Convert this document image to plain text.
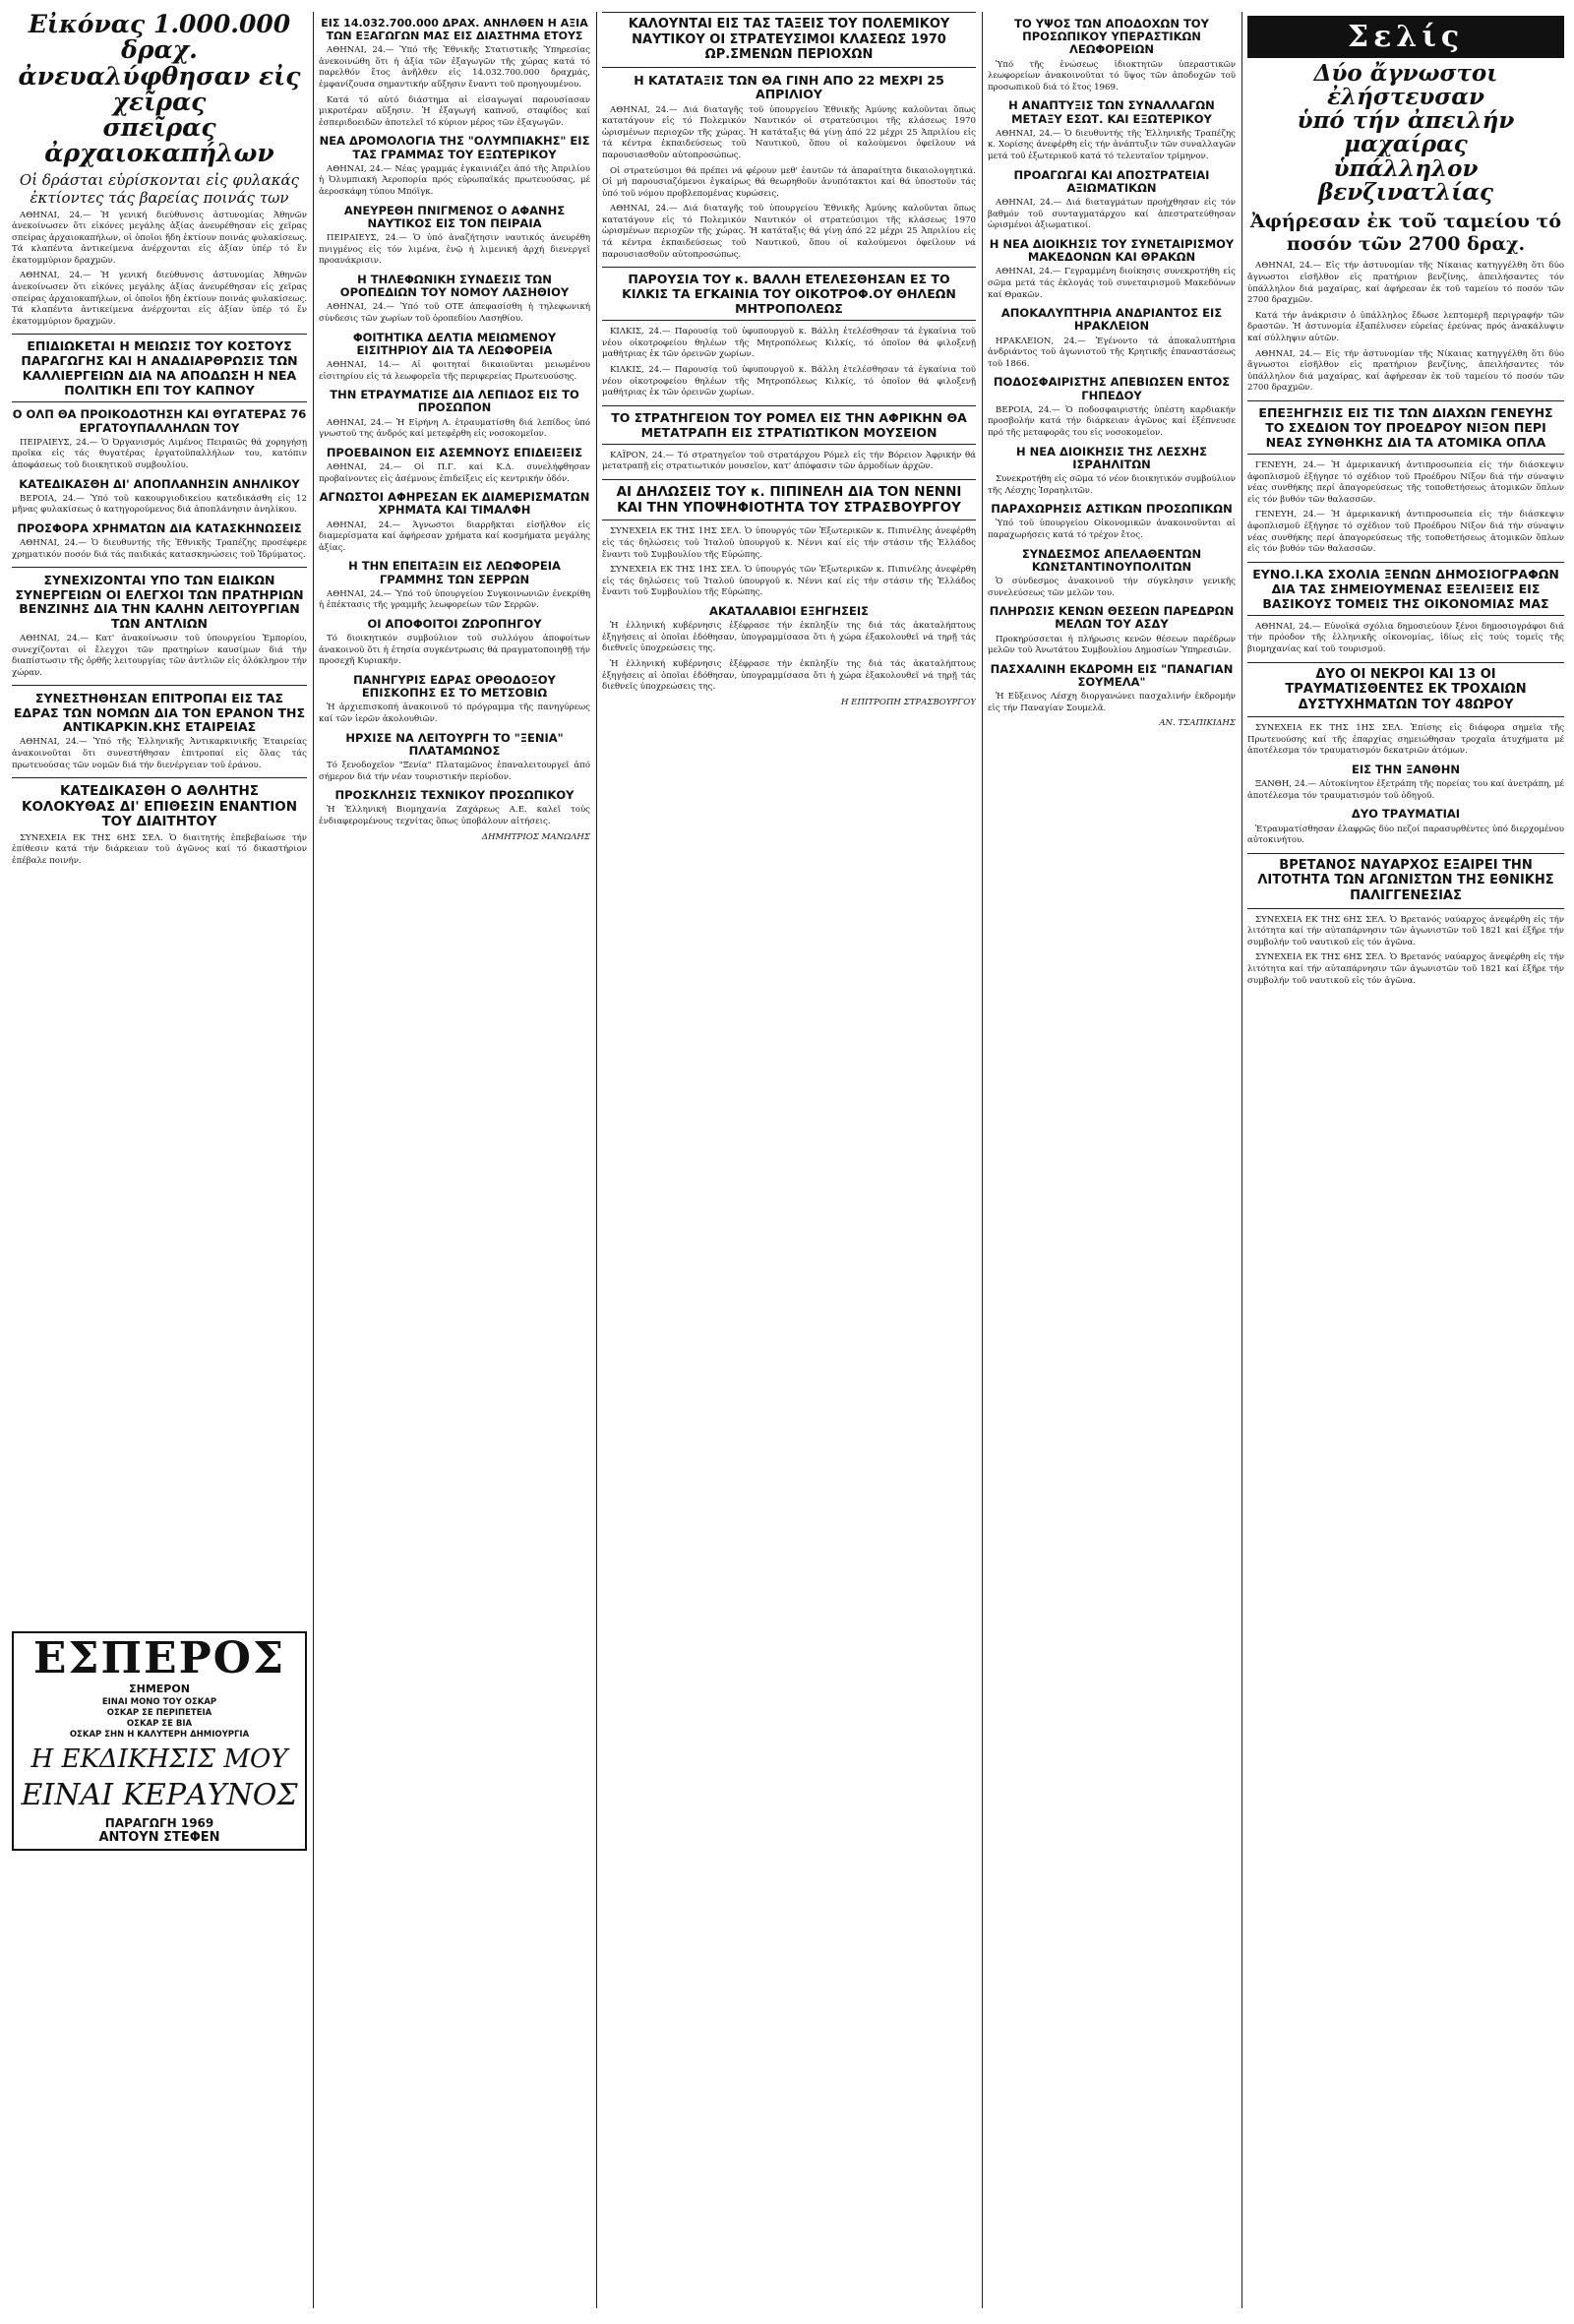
Εἰκόνας 1.000.000 δραχ.
ἀνευαλύφθησαν εἰς χεῖρας
σπεῖρας ἀρχαιοκαπήλων
Οἱ δράσται εὑρίσκονται εἰς φυλακάς ἐκτίοντες τάς βαρείας ποινάς των

ΑΘΗΝΑΙ, 24.— Ἡ γενική διεύθυνσις ἀστυνομίας Ἀθηνῶν ἀνεκοίνωσεν ὅτι εἰκόνες μεγάλης ἀξίας ἀνευρέθησαν εἰς χεῖρας σπείρας ἀρχαιοκαπήλων, οἱ ὁποῖοι ἤδη ἐκτίουν ποινάς φυλακίσεως. Τά κλαπέντα ἀντικείμενα ἀνέρχονται εἰς ἀξίαν ὑπέρ τό ἕν ἑκατομμύριον δραχμῶν.

ΑΘΗΝΑΙ, 24.— Ἡ γενική διεύθυνσις ἀστυνομίας Ἀθηνῶν ἀνεκοίνωσεν ὅτι εἰκόνες μεγάλης ἀξίας ἀνευρέθησαν εἰς χεῖρας σπείρας ἀρχαιοκαπήλων, οἱ ὁποῖοι ἤδη ἐκτίουν ποινάς φυλακίσεως. Τά κλαπέντα ἀντικείμενα ἀνέρχονται εἰς ἀξίαν ὑπέρ τό ἕν ἑκατομμύριον δραχμῶν.

ΕΠΙΔΙΩΚΕΤΑΙ Η ΜΕΙΩΣΙΣ ΤΟΥ ΚΟΣΤΟΥΣ ΠΑΡΑΓΩΓΗΣ ΚΑΙ Η ΑΝΑΔΙΑΡΘΡΩΣΙΣ ΤΩΝ ΚΑΛΛΙΕΡΓΕΙΩΝ ΔΙΑ ΝΑ ΑΠΟΔΩΣΗ Η ΝΕΑ ΠΟΛΙΤΙΚΗ ΕΠΙ ΤΟΥ ΚΑΠΝΟΥ
Ο ΟΛΠ ΘΑ ΠΡΟΙΚΟΔΟΤΗΣΗ ΚΑΙ ΘΥΓΑΤΕΡΑΣ 76 ΕΡΓΑΤΟΥΠΑΛΛΗΛΩΝ ΤΟΥ

ΠΕΙΡΑΙΕΥΣ, 24.— Ὁ Ὀργανισμός Λιμένος Πειραιῶς θά χορηγήσῃ προῖκα εἰς τάς θυγατέρας ἐργατοϋπαλλήλων του, κατόπιν ἀποφάσεως τοῦ διοικητικοῦ συμβουλίου.

ΚΑΤΕΔΙΚΑΣΘΗ ΔΙ' ΑΠΟΠΛΑΝΗΣΙΝ ΑΝΗΛΙΚΟΥ

ΒΕΡΟΙΑ, 24.— Ὑπό τοῦ κακουργιοδικείου κατεδικάσθη εἰς 12 μῆνας φυλακίσεως ὁ κατηγορούμενος διά ἀποπλάνησιν ἀνηλίκου.

ΠΡΟΣΦΟΡΑ ΧΡΗΜΑΤΩΝ ΔΙΑ ΚΑΤΑΣΚΗΝΩΣΕΙΣ

ΑΘΗΝΑΙ, 24.— Ὁ διευθυντής τῆς Ἐθνικῆς Τραπέζης προσέφερε χρηματικόν ποσόν διά τάς παιδικάς κατασκηνώσεις τοῦ Ἱδρύματος.

ΣΥΝΕΧΙΖΟΝΤΑΙ ΥΠΟ ΤΩΝ ΕΙΔΙΚΩΝ ΣΥΝΕΡΓΕΙΩΝ ΟΙ ΕΛΕΓΧΟΙ ΤΩΝ ΠΡΑΤΗΡΙΩΝ ΒΕΝΖΙΝΗΣ ΔΙΑ ΤΗΝ ΚΑΛΗΝ ΛΕΙΤΟΥΡΓΙΑΝ ΤΩΝ ΑΝΤΛΙΩΝ

ΑΘΗΝΑΙ, 24.— Κατ' ἀνακοίνωσιν τοῦ ὑπουργείου Ἐμπορίου, συνεχίζονται οἱ ἔλεγχοι τῶν πρατηρίων καυσίμων διά τήν διαπίστωσιν τῆς ὀρθῆς λειτουργίας τῶν ἀντλιῶν εἰς ὁλόκληρον τήν χώραν.

ΣΥΝΕΣΤΗΘΗΣΑΝ ΕΠΙΤΡΟΠΑΙ ΕΙΣ ΤΑΣ ΕΔΡΑΣ ΤΩΝ ΝΟΜΩΝ ΔΙΑ ΤΟΝ ΕΡΑΝΟΝ ΤΗΣ ΑΝΤΙΚΑΡΚΙΝ.ΚΗΣ ΕΤΑΙΡΕΙΑΣ

ΑΘΗΝΑΙ, 24.— Ὑπό τῆς Ἑλληνικῆς Ἀντικαρκινικῆς Ἑταιρείας ἀνακοινοῦται ὅτι συνεστήθησαν ἐπιτροπαί εἰς ὅλας τάς πρωτευούσας τῶν νομῶν διά τήν διενέργειαν τοῦ ἐράνου.

ΚΑΤΕΔΙΚΑΣΘΗ Ο ΑΘΛΗΤΗΣ ΚΟΛΟΚΥΘΑΣ ΔΙ' ΕΠΙΘΕΣΙΝ ΕΝΑΝΤΙΟΝ ΤΟΥ ΔΙΑΙΤΗΤΟΥ

ΣΥΝΕΧΕΙΑ ΕΚ ΤΗΣ 6ΗΣ ΣΕΛ. Ὁ διαιτητής ἐπεβεβαίωσε τήν ἐπίθεσιν κατά τήν διάρκειαν τοῦ ἀγῶνος καί τό δικαστήριον ἐπέβαλε ποινήν.

ΕΣΠΕΡΟΣ
ΣΗΜΕΡΟΝ
ΕΙΝΑΙ ΜΟΝΟ ΤΟΥ ΟΣΚΑΡ
ΟΣΚΑΡ ΣΕ ΠΕΡΙΠΕΤΕΙΑ
ΟΣΚΑΡ ΣΕ ΒΙΑ
ΟΣΚΑΡ ΣΗΝ Η ΚΑΛΥΤΕΡΗ ΔΗΜΙΟΥΡΓΙΑ
Η ΕΚΔΙΚΗΣΙΣ ΜΟΥ
ΕΙΝΑΙ ΚΕΡΑΥΝΟΣ
ΠΑΡΑΓΩΓΗ 1969
ΑΝΤΟΥΝ ΣΤΕΦΕΝ
ΕΙΣ 14.032.700.000 ΔΡΑΧ. ΑΝΗΛΘΕΝ Η ΑΞΙΑ ΤΩΝ ΕΞΑΓΩΓΩΝ ΜΑΣ ΕΙΣ ΔΙΑΣΤΗΜΑ ΕΤΟΥΣ

ΑΘΗΝΑΙ, 24.— Ὑπό τῆς Ἐθνικῆς Στατιστικῆς Ὑπηρεσίας ἀνεκοινώθη ὅτι ἡ ἀξία τῶν ἐξαγωγῶν τῆς χώρας κατά τό παρελθόν ἔτος ἀνῆλθεν εἰς 14.032.700.000 δραχμάς, ἐμφανίζουσα σημαντικήν αὔξησιν ἔναντι τοῦ προηγουμένου.

Κατά τό αὐτό διάστημα αἱ εἰσαγωγαί παρουσίασαν μικροτέραν αὔξησιν. Ἡ ἐξαγωγή καπνοῦ, σταφίδος καί ἐσπεριδοειδῶν ἀποτελεῖ τό κύριον μέρος τῶν ἐξαγωγῶν.

ΝΕΑ ΔΡΟΜΟΛΟΓΙΑ ΤΗΣ "ΟΛΥΜΠΙΑΚΗΣ" ΕΙΣ ΤΑΣ ΓΡΑΜΜΑΣ ΤΟΥ ΕΞΩΤΕΡΙΚΟΥ

ΑΘΗΝΑΙ, 24.— Νέας γραμμάς ἐγκαινιάζει ἀπό τῆς Ἀπριλίου ἡ Ὀλυμπιακή Ἀεροπορία πρός εὐρωπαϊκάς πρωτευούσας, μέ ἀεροσκάφη τύπου Μπόϊγκ.

ΑΝΕΥΡΕΘΗ ΠΝΙΓΜΕΝΟΣ Ο ΑΦΑΝΗΣ ΝΑΥΤΙΚΟΣ ΕΙΣ ΤΟΝ ΠΕΙΡΑΙΑ

ΠΕΙΡΑΙΕΥΣ, 24.— Ὁ ὑπό ἀναζήτησιν ναυτικός ἀνευρέθη πνιγμένος εἰς τόν λιμένα, ἐνῷ ἡ λιμενική ἀρχή διενεργεῖ προανάκρισιν.

Η ΤΗΛΕΦΩΝΙΚΗ ΣΥΝΔΕΣΙΣ ΤΩΝ ΟΡΟΠΕΔΙΩΝ ΤΟΥ ΝΟΜΟΥ ΛΑΣΗΘΙΟΥ

ΑΘΗΝΑΙ, 24.— Ὑπό τοῦ ΟΤΕ ἀπεφασίσθη ἡ τηλεφωνική σύνδεσις τῶν χωρίων τοῦ ὀροπεδίου Λασηθίου.

ΦΟΙΤΗΤΙΚΑ ΔΕΛΤΙΑ ΜΕΙΩΜΕΝΟΥ ΕΙΣΙΤΗΡΙΟΥ ΔΙΑ ΤΑ ΛΕΩΦΟΡΕΙΑ

ΑΘΗΝΑΙ, 14.— Αἱ φοιτηταί δικαιοῦνται μειωμένου εἰσιτηρίου εἰς τά λεωφορεῖα τῆς περιφερείας Πρωτευούσης.

ΤΗΝ ΕΤΡΑΥΜΑΤΙΣΕ ΔΙΑ ΛΕΠΙΔΟΣ ΕΙΣ ΤΟ ΠΡΟΣΩΠΟΝ

ΑΘΗΝΑΙ, 24.— Ἡ Εἰρήνη Λ. ἐτραυματίσθη διά λεπίδος ὑπό γνωστοῦ της ἀνδρός καί μετεφέρθη εἰς νοσοκομεῖον.

ΠΡΟΕΒΑΙΝΟΝ ΕΙΣ ΑΣΕΜΝΟΥΣ ΕΠΙΔΕΙΞΕΙΣ

ΑΘΗΝΑΙ, 24.— Οἱ Π.Γ. καί Κ.Δ. συνελήφθησαν προβαίνοντες εἰς ἀσέμνους ἐπιδείξεις εἰς κεντρικήν ὁδόν.

ΑΓΝΩΣΤΟΙ ΑΦΗΡΕΣΑΝ ΕΚ ΔΙΑΜΕΡΙΣΜΑΤΩΝ ΧΡΗΜΑΤΑ ΚΑΙ ΤΙΜΑΛΦΗ

ΑΘΗΝΑΙ, 24.— Ἀγνωστοι διαρρῆκται εἰσῆλθον εἰς διαμερίσματα καί ἀφήρεσαν χρήματα καί κοσμήματα μεγάλης ἀξίας.

Η ΤΗΝ ΕΠΕΙΤΑΞΙΝ ΕΙΣ ΛΕΩΦΟΡΕΙΑ ΓΡΑΜΜΗΣ ΤΩΝ ΣΕΡΡΩΝ

ΑΘΗΝΑΙ, 24.— Ὑπό τοῦ ὑπουργείου Συγκοινωνιῶν ἐνεκρίθη ἡ ἐπέκτασις τῆς γραμμῆς λεωφορείων τῶν Σερρῶν.

ΟΙ ΑΠΟΦΟΙΤΟΙ ΖΩΡΟΠΗΓΟΥ

Τό διοικητικόν συμβούλιον τοῦ συλλόγου ἀποφοίτων ἀνακοινοῦ ὅτι ἡ ἐτησία συγκέντρωσις θά πραγματοποιηθῇ τήν προσεχῆ Κυριακήν.

ΠΑΝΗΓΥΡΙΣ ΕΔΡΑΣ ΟΡΘΟΔΟΞΟΥ ΕΠΙΣΚΟΠΗΣ ΕΣ ΤΟ ΜΕΤΣΟΒΙΩ

Ἡ ἀρχιεπισκοπή ἀνακοινοῦ τό πρόγραμμα τῆς πανηγύρεως καί τῶν ἱερῶν ἀκολουθιῶν.

ΗΡΧΙΣΕ ΝΑ ΛΕΙΤΟΥΡΓΗ ΤΟ "ΞΕΝΙΑ" ΠΛΑΤΑΜΩΝΟΣ

Τό ξενοδοχεῖον "Ξενία" Πλαταμῶνος ἐπαναλειτουργεῖ ἀπό σήμερον διά τήν νέαν τουριστικήν περίοδον.

ΠΡΟΣΚΛΗΣΙΣ ΤΕΧΝΙΚΟΥ ΠΡΟΣΩΠΙΚΟΥ

Ἡ Ἑλληνική Βιομηχανία Ζαχάρεως Α.Ε. καλεῖ τούς ἐνδιαφερομένους τεχνίτας ὅπως ὑποβάλουν αἰτήσεις.

ΔΗΜΗΤΡΙΟΣ ΜΑΝΩΛΗΣ
ΚΑΛΟΥΝΤΑΙ ΕΙΣ ΤΑΣ ΤΑΞΕΙΣ ΤΟΥ ΠΟΛΕΜΙΚΟΥ ΝΑΥΤΙΚΟΥ ΟΙ ΣΤΡΑΤΕΥΣΙΜΟΙ ΚΛΑΣΕΩΣ 1970 ΩΡ.ΣΜΕΝΩΝ ΠΕΡΙΟΧΩΝ
Η ΚΑΤΑΤΑΞΙΣ ΤΩΝ ΘΑ ΓΙΝΗ ΑΠΟ 22 ΜΕΧΡΙ 25 ΑΠΡΙΛΙΟΥ

ΑΘΗΝΑΙ, 24.— Διά διαταγῆς τοῦ ὑπουργείου Ἐθνικῆς Ἀμύνης καλοῦνται ὅπως κατατάγουν εἰς τό Πολεμικόν Ναυτικόν οἱ στρατεύσιμοι τῆς κλάσεως 1970 ὡρισμένων περιοχῶν τῆς χώρας. Ἡ κατάταξις θά γίνῃ ἀπό 22 μέχρι 25 Ἀπριλίου εἰς τά κέντρα ἐκπαιδεύσεως τοῦ Ναυτικοῦ, ὅπου οἱ καλούμενοι ὀφείλουν νά παρουσιασθοῦν αὐτοπροσώπως.

Οἱ στρατεύσιμοι θά πρέπει νά φέρουν μεθ' ἑαυτῶν τά ἀπαραίτητα δικαιολογητικά. Οἱ μή παρουσιαζόμενοι ἐγκαίρως θά θεωρηθοῦν ἀνυπότακτοι καί θά ὑποστοῦν τάς ὑπό τοῦ νόμου προβλεπομένας κυρώσεις.

ΑΘΗΝΑΙ, 24.— Διά διαταγῆς τοῦ ὑπουργείου Ἐθνικῆς Ἀμύνης καλοῦνται ὅπως κατατάγουν εἰς τό Πολεμικόν Ναυτικόν οἱ στρατεύσιμοι τῆς κλάσεως 1970 ὡρισμένων περιοχῶν τῆς χώρας. Ἡ κατάταξις θά γίνῃ ἀπό 22 μέχρι 25 Ἀπριλίου εἰς τά κέντρα ἐκπαιδεύσεως τοῦ Ναυτικοῦ, ὅπου οἱ καλούμενοι ὀφείλουν νά παρουσιασθοῦν αὐτοπροσώπως.

ΠΑΡΟΥΣΙΑ ΤΟΥ κ. ΒΑΛΛΗ ΕΤΕΛΕΣΘΗΣΑΝ ΕΣ ΤΟ ΚΙΛΚΙΣ ΤΑ ΕΓΚΑΙΝΙΑ ΤΟΥ ΟΙΚΟΤΡΟΦ.ΟΥ ΘΗΛΕΩΝ ΜΗΤΡΟΠΟΛΕΩΣ

ΚΙΛΚΙΣ, 24.— Παρουσίᾳ τοῦ ὑφυπουργοῦ κ. Βάλλη ἐτελέσθησαν τά ἐγκαίνια τοῦ νέου οἰκοτροφείου θηλέων τῆς Μητροπόλεως Κιλκίς, τό ὁποῖον θά φιλοξενῇ μαθήτριας ἐκ τῶν ὀρεινῶν χωρίων.

ΚΙΛΚΙΣ, 24.— Παρουσίᾳ τοῦ ὑφυπουργοῦ κ. Βάλλη ἐτελέσθησαν τά ἐγκαίνια τοῦ νέου οἰκοτροφείου θηλέων τῆς Μητροπόλεως Κιλκίς, τό ὁποῖον θά φιλοξενῇ μαθήτριας ἐκ τῶν ὀρεινῶν χωρίων.

ΤΟ ΣΤΡΑΤΗΓΕΙΟΝ ΤΟΥ ΡΟΜΕΛ ΕΙΣ ΤΗΝ ΑΦΡΙΚΗΝ ΘΑ ΜΕΤΑΤΡΑΠΗ ΕΙΣ ΣΤΡΑΤΙΩΤΙΚΟΝ ΜΟΥΣΕΙΟΝ

ΚΑΪΡΟΝ, 24.— Τό στρατηγεῖον τοῦ στρατάρχου Ρόμελ εἰς τήν Βόρειον Ἀφρικήν θά μετατραπῇ εἰς στρατιωτικόν μουσεῖον, κατ' ἀπόφασιν τῶν ἁρμοδίων ἀρχῶν.

ΑΙ ΔΗΛΩΣΕΙΣ ΤΟΥ κ. ΠΙΠΙΝΕΛΗ ΔΙΑ ΤΟΝ ΝΕΝΝΙ ΚΑΙ ΤΗΝ ΥΠΟΨΗΦΙΟΤΗΤΑ ΤΟΥ ΣΤΡΑΣΒΟΥΡΓΟΥ

ΣΥΝΕΧΕΙΑ ΕΚ ΤΗΣ 1ΗΣ ΣΕΛ. Ὁ ὑπουργός τῶν Ἐξωτερικῶν κ. Πιπινέλης ἀνεφέρθη εἰς τάς δηλώσεις τοῦ Ἰταλοῦ ὑπουργοῦ κ. Νέννι καί εἰς τήν στάσιν τῆς Ἑλλάδος ἔναντι τοῦ Συμβουλίου τῆς Εὐρώπης.

ΣΥΝΕΧΕΙΑ ΕΚ ΤΗΣ 1ΗΣ ΣΕΛ. Ὁ ὑπουργός τῶν Ἐξωτερικῶν κ. Πιπινέλης ἀνεφέρθη εἰς τάς δηλώσεις τοῦ Ἰταλοῦ ὑπουργοῦ κ. Νέννι καί εἰς τήν στάσιν τῆς Ἑλλάδος ἔναντι τοῦ Συμβουλίου τῆς Εὐρώπης.

ΑΚΑΤΑΛΑΒΙΟΙ ΕΞΗΓΗΣΕΙΣ

Ἡ ἑλληνική κυβέρνησις ἐξέφρασε τήν ἐκπληξίν της διά τάς ἀκαταλήπτους ἐξηγήσεις αἱ ὁποῖαι ἐδόθησαν, ὑπογραμμίσασα ὅτι ἡ χώρα ἐξακολουθεῖ νά τηρῇ τάς διεθνεῖς ὑποχρεώσεις της.

Ἡ ἑλληνική κυβέρνησις ἐξέφρασε τήν ἐκπληξίν της διά τάς ἀκαταλήπτους ἐξηγήσεις αἱ ὁποῖαι ἐδόθησαν, ὑπογραμμίσασα ὅτι ἡ χώρα ἐξακολουθεῖ νά τηρῇ τάς διεθνεῖς ὑποχρεώσεις της.

Η ΕΠΙΤΡΟΠΗ ΣΤΡΑΣΒΟΥΡΓΟΥ
ΤΟ ΥΨΟΣ ΤΩΝ ΑΠΟΔΟΧΩΝ ΤΟΥ ΠΡΟΣΩΠΙΚΟΥ ΥΠΕΡΑΣΤΙΚΩΝ ΛΕΩΦΟΡΕΙΩΝ

Ὑπό τῆς ἐνώσεως ἰδιοκτητῶν ὑπεραστικῶν λεωφορείων ἀνακοινοῦται τό ὕψος τῶν ἀποδοχῶν τοῦ προσωπικοῦ διά τό ἔτος 1969.

Η ΑΝΑΠΤΥΞΙΣ ΤΩΝ ΣΥΝΑΛΛΑΓΩΝ ΜΕΤΑΞΥ ΕΣΩΤ. ΚΑΙ ΕΞΩΤΕΡΙΚΟΥ

ΑΘΗΝΑΙ, 24.— Ὁ διευθυντής τῆς Ἑλληνικῆς Τραπέζης κ. Χορίσης ἀνεφέρθη εἰς τήν ἀνάπτυξιν τῶν συναλλαγῶν μετά τοῦ ἐξωτερικοῦ κατά τό τελευταῖον τρίμηνον.

ΠΡΟΑΓΩΓΑΙ ΚΑΙ ΑΠΟΣΤΡΑΤΕΙΑΙ ΑΞΙΩΜΑΤΙΚΩΝ

ΑΘΗΝΑΙ, 24.— Διά διαταγμάτων προήχθησαν εἰς τόν βαθμόν τοῦ συνταγματάρχου καί ἀπεστρατεύθησαν ὡρισμένοι ἀξιωματικοί.

Η ΝΕΑ ΔΙΟΙΚΗΣΙΣ ΤΟΥ ΣΥΝΕΤΑΙΡΙΣΜΟΥ ΜΑΚΕΔΟΝΩΝ ΚΑΙ ΘΡΑΚΩΝ

ΑΘΗΝΑΙ, 24.— Γεγραμμένη διοίκησις συνεκροτήθη εἰς σῶμα μετά τάς ἐκλογάς τοῦ συνεταιρισμοῦ Μακεδόνων καί Θρακῶν.

ΑΠΟΚΑΛΥΠΤΗΡΙΑ ΑΝΔΡΙΑΝΤΟΣ ΕΙΣ ΗΡΑΚΛΕΙΟΝ

ΗΡΑΚΛΕΙΟΝ, 24.— Ἐγένοντο τά ἀποκαλυπτήρια ἀνδριάντος τοῦ ἀγωνιστοῦ τῆς Κρητικῆς ἐπαναστάσεως τοῦ 1866.

ΠΟΔΟΣΦΑΙΡΙΣΤΗΣ ΑΠΕΒΙΩΣΕΝ ΕΝΤΟΣ ΓΗΠΕΔΟΥ

ΒΕΡΟΙΑ, 24.— Ὁ ποδοσφαιριστής ὑπέστη καρδιακήν προσβολήν κατά τήν διάρκειαν ἀγῶνος καί ἐξέπνευσε πρό τῆς μεταφορᾶς του εἰς νοσοκομεῖον.

Η ΝΕΑ ΔΙΟΙΚΗΣΙΣ ΤΗΣ ΛΕΣΧΗΣ ΙΣΡΑΗΛΙΤΩΝ

Συνεκροτήθη εἰς σῶμα τό νέον διοικητικόν συμβούλιον τῆς Λέσχης Ἰσραηλιτῶν.

ΠΑΡΑΧΩΡΗΣΙΣ ΑΣΤΙΚΩΝ ΠΡΟΣΩΠΙΚΩΝ

Ὑπό τοῦ ὑπουργείου Οἰκονομικῶν ἀνακοινοῦνται αἱ παραχωρήσεις κατά τό τρέχον ἔτος.

ΣΥΝΔΕΣΜΟΣ ΑΠΕΛΑΘΕΝΤΩΝ ΚΩΝΣΤΑΝΤΙΝΟΥΠΟΛΙΤΩΝ

Ὁ σύνδεσμος ἀνακοινοῦ τήν σύγκλησιν γενικῆς συνελεύσεως τῶν μελῶν του.

ΠΛΗΡΩΣΙΣ ΚΕΝΩΝ ΘΕΣΕΩΝ ΠΑΡΕΔΡΩΝ ΜΕΛΩΝ ΤΟΥ ΑΣΔΥ

Προκηρύσσεται ἡ πλήρωσις κενῶν θέσεων παρέδρων μελῶν τοῦ Ἀνωτάτου Συμβουλίου Δημοσίων Ὑπηρεσιῶν.

ΠΑΣΧΑΛΙΝΗ ΕΚΔΡΟΜΗ ΕΙΣ "ΠΑΝΑΓΙΑΝ ΣΟΥΜΕΛΑ"

Ἡ Εὔξεινος Λέσχη διοργανώνει πασχαλινήν ἐκδρομήν εἰς τήν Παναγίαν Σουμελᾶ.

ΑΝ. ΤΣΑΠΙΚΙΔΗΣ
Σελίς
Δύο ἄγνωστοι ἐλήστευσαν
ὑπό τήν ἀπειλήν μαχαίρας
ὑπάλληλον βενζινατλίας
Ἀφήρεσαν ἐκ τοῦ ταμείου τό ποσόν τῶν 2700 δραχ.

ΑΘΗΝΑΙ, 24.— Εἰς τήν ἀστυνομίαν τῆς Νίκαιας κατηγγέλθη ὅτι δύο ἄγνωστοι εἰσῆλθον εἰς πρατήριον βενζίνης, ἀπειλήσαντες τόν ὑπάλληλον διά μαχαίρας, καί ἀφήρεσαν ἐκ τοῦ ταμείου τό ποσόν τῶν 2700 δραχμῶν.

Κατά τήν ἀνάκρισιν ὁ ὑπάλληλος ἔδωσε λεπτομερῆ περιγραφήν τῶν δραστῶν. Ἡ ἀστυνομία ἐξαπέλυσεν εὐρείας ἐρεύνας πρός ἀνακάλυψιν καί σύλληψιν αὐτῶν.

ΑΘΗΝΑΙ, 24.— Εἰς τήν ἀστυνομίαν τῆς Νίκαιας κατηγγέλθη ὅτι δύο ἄγνωστοι εἰσῆλθον εἰς πρατήριον βενζίνης, ἀπειλήσαντες τόν ὑπάλληλον διά μαχαίρας, καί ἀφήρεσαν ἐκ τοῦ ταμείου τό ποσόν τῶν 2700 δραχμῶν.

ΕΠΕΞΗΓΗΣΙΣ ΕΙΣ ΤΙΣ ΤΩΝ ΔΙΑΧΩΝ ΓΕΝΕΥΗΣ ΤΟ ΣΧΕΔΙΟΝ ΤΟΥ ΠΡΟΕΔΡΟΥ ΝΙΞΟΝ ΠΕΡΙ ΝΕΑΣ ΣΥΝΘΗΚΗΣ ΔΙΑ ΤΑ ΑΤΟΜΙΚΑ ΟΠΛΑ

ΓΕΝΕΥΗ, 24.— Ἡ ἀμερικανική ἀντιπροσωπεία εἰς τήν διάσκεψιν ἀφοπλισμοῦ ἐξήγησε τό σχέδιον τοῦ Προέδρου Νίξον διά τήν σύναψιν νέας συνθήκης περί ἀπαγορεύσεως τῆς τοποθετήσεως ἀτομικῶν ὅπλων εἰς τόν βυθόν τῶν θαλασσῶν.

ΓΕΝΕΥΗ, 24.— Ἡ ἀμερικανική ἀντιπροσωπεία εἰς τήν διάσκεψιν ἀφοπλισμοῦ ἐξήγησε τό σχέδιον τοῦ Προέδρου Νίξον διά τήν σύναψιν νέας συνθήκης περί ἀπαγορεύσεως τῆς τοποθετήσεως ἀτομικῶν ὅπλων εἰς τόν βυθόν τῶν θαλασσῶν.

ΕΥΝΟ.Ι.ΚΑ ΣΧΟΛΙΑ ΞΕΝΩΝ ΔΗΜΟΣΙΟΓΡΑΦΩΝ ΔΙΑ ΤΑΣ ΣΗΜΕΙΟΥΜΕΝΑΣ ΕΞΕΛΙΞΕΙΣ ΕΙΣ ΒΑΣΙΚΟΥΣ ΤΟΜΕΙΣ ΤΗΣ ΟΙΚΟΝΟΜΙΑΣ ΜΑΣ

ΑΘΗΝΑΙ, 24.— Εὐνοϊκά σχόλια δημοσιεύουν ξένοι δημοσιογράφοι διά τήν πρόοδον τῆς ἑλληνικῆς οἰκονομίας, ἰδίως εἰς τούς τομεῖς τῆς βιομηχανίας καί τοῦ τουρισμοῦ.

ΔΥΟ ΟΙ ΝΕΚΡΟΙ ΚΑΙ 13 ΟΙ ΤΡΑΥΜΑΤΙΣΘΕΝΤΕΣ ΕΚ ΤΡΟΧΑΙΩΝ ΔΥΣΤΥΧΗΜΑΤΩΝ ΤΟΥ 48ΩΡΟΥ

ΣΥΝΕΧΕΙΑ ΕΚ ΤΗΣ 1ΗΣ ΣΕΛ. Ἐπίσης εἰς διάφορα σημεῖα τῆς Πρωτευούσης καί τῆς ἐπαρχίας σημειώθησαν τροχαῖα ἀτυχήματα μέ ἀποτέλεσμα τόν τραυματισμόν δεκατριῶν ἀτόμων.

ΕΙΣ ΤΗΝ ΞΑΝΘΗΝ

ΞΑΝΘΗ, 24.— Αὐτοκίνητον ἐξετράπη τῆς πορείας του καί ἀνετράπη, μέ ἀποτέλεσμα τόν τραυματισμόν τοῦ ὁδηγοῦ.

ΔΥΟ ΤΡΑΥΜΑΤΙΑΙ

Ἐτραυματίσθησαν ἐλαφρῶς δύο πεζοί παρασυρθέντες ὑπό διερχομένου αὐτοκινήτου.

ΒΡΕΤΑΝΟΣ ΝΑΥΑΡΧΟΣ ΕΞΑΙΡΕΙ ΤΗΝ ΛΙΤΟΤΗΤΑ ΤΩΝ ΑΓΩΝΙΣΤΩΝ ΤΗΣ ΕΘΝΙΚΗΣ ΠΑΛΙΓΓΕΝΕΣΙΑΣ

ΣΥΝΕΧΕΙΑ ΕΚ ΤΗΣ 6ΗΣ ΣΕΛ. Ὁ Βρετανός ναύαρχος ἀνεφέρθη εἰς τήν λιτότητα καί τήν αὐταπάρνησιν τῶν ἀγωνιστῶν τοῦ 1821 καί ἐξῆρε τήν συμβολήν τοῦ ναυτικοῦ εἰς τόν ἀγῶνα.

ΣΥΝΕΧΕΙΑ ΕΚ ΤΗΣ 6ΗΣ ΣΕΛ. Ὁ Βρετανός ναύαρχος ἀνεφέρθη εἰς τήν λιτότητα καί τήν αὐταπάρνησιν τῶν ἀγωνιστῶν τοῦ 1821 καί ἐξῆρε τήν συμβολήν τοῦ ναυτικοῦ εἰς τόν ἀγῶνα.
